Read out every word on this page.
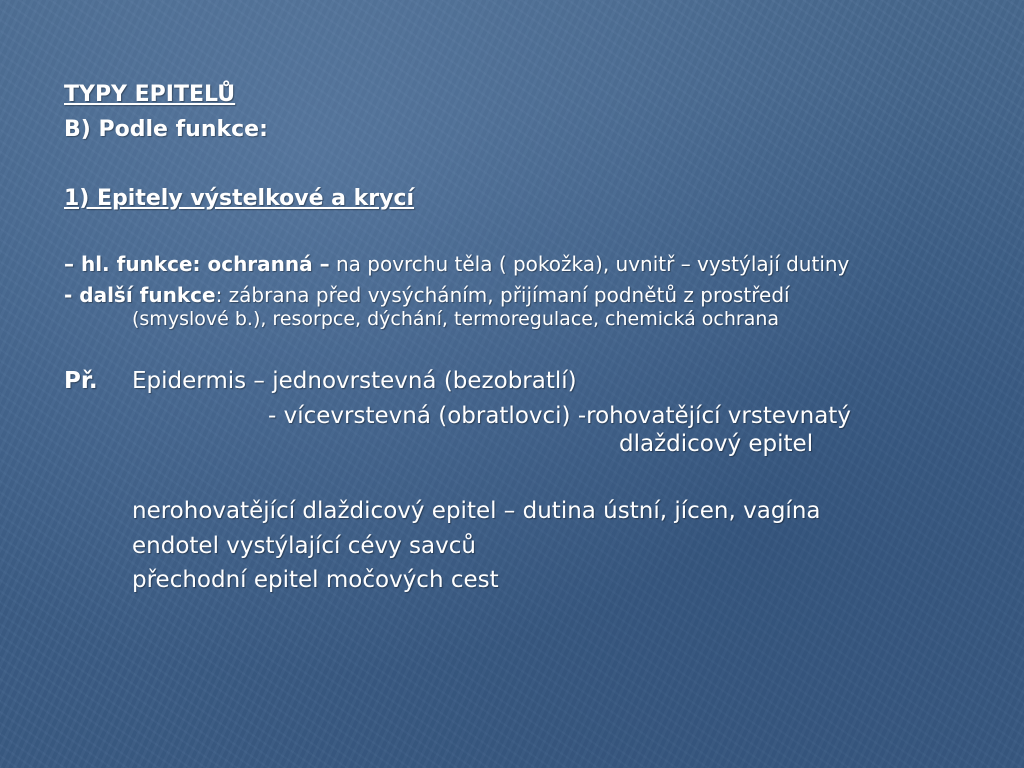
TYPY EPITELŮ
B) Podle funkce:
1) Epitely výstelkové a krycí
– hl. funkce: ochranná – na povrchu těla ( pokožka), uvnitř – vystýlají dutiny
- další funkce: zábrana před vysýcháním, přijímaní podnětů z prostředí
(smyslové b.), resorpce, dýchání, termoregulace, chemická ochrana
Př. Epidermis – jednovrstevná (bezobratlí)
- vícevrstevná (obratlovci) -rohovatějící vrstevnatý
dlaždicový epitel
nerohovatějící dlaždicový epitel – dutina ústní, jícen, vagína
endotel vystýlající cévy savců
přechodní epitel močových cest
